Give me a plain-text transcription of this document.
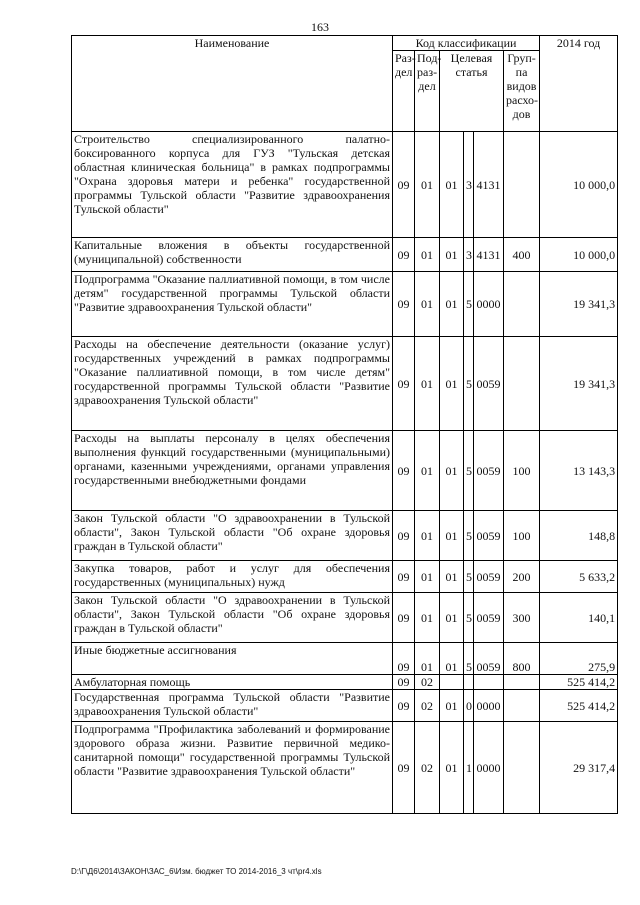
163
Наименование	Код классификации						2014 год
	Раз-дел	Под-раз-дел	Целевая статья			Груп-па видов расхо-дов	
Строительство специализированного палатно-боксированного корпуса для ГУЗ "Тульская детская областная клиническая больница" в рамках подпрограммы "Охрана здоровья матери и ребенка" государственной программы Тульской области "Развитие здравоохранения Тульской области"	09	01	01	3	4131		10 000,0
Капитальные вложения в объекты государственной (муниципальной) собственности	09	01	01	3	4131	400	10 000,0
Подпрограмма "Оказание паллиативной помощи, в том числе детям" государственной программы Тульской области "Развитие здравоохранения Тульской области"	09	01	01	5	0000		19 341,3
Расходы на обеспечение деятельности (оказание услуг) государственных учреждений в рамках подпрограммы "Оказание паллиативной помощи, в том числе детям" государственной программы Тульской области "Развитие здравоохранения Тульской области"	09	01	01	5	0059		19 341,3
Расходы на выплаты персоналу в целях обеспечения выполнения функций государственными (муниципальными) органами, казенными учреждениями, органами управления государственными внебюджетными фондами	09	01	01	5	0059	100	13 143,3
Закон Тульской области "О здравоохранении в Тульской области", Закон Тульской области "Об охране здоровья граждан в Тульской области"	09	01	01	5	0059	100	148,8
Закупка товаров, работ и услуг для обеспечения государственных (муниципальных) нужд	09	01	01	5	0059	200	5 633,2
Закон Тульской области "О здравоохранении в Тульской области", Закон Тульской области "Об охране здоровья граждан в Тульской области"	09	01	01	5	0059	300	140,1
Иные бюджетные ассигнования	09	01	01	5	0059	800	275,9
Амбулаторная помощь	09	02					525 414,2
Государственная программа Тульской области "Развитие здравоохранения Тульской области"	09	02	01	0	0000		525 414,2
Подпрограмма "Профилактика заболеваний и формирование здорового образа жизни. Развитие первичной медико-санитарной помощи" государственной программы Тульской области "Развитие здравоохранения Тульской области"	09	02	01	1	0000		29 317,4
D:\Г\Д6\2014\ЗАКОН\ЗАС_6\Изм. бюджет ТО 2014-2016_3 чт\pr4.xls
